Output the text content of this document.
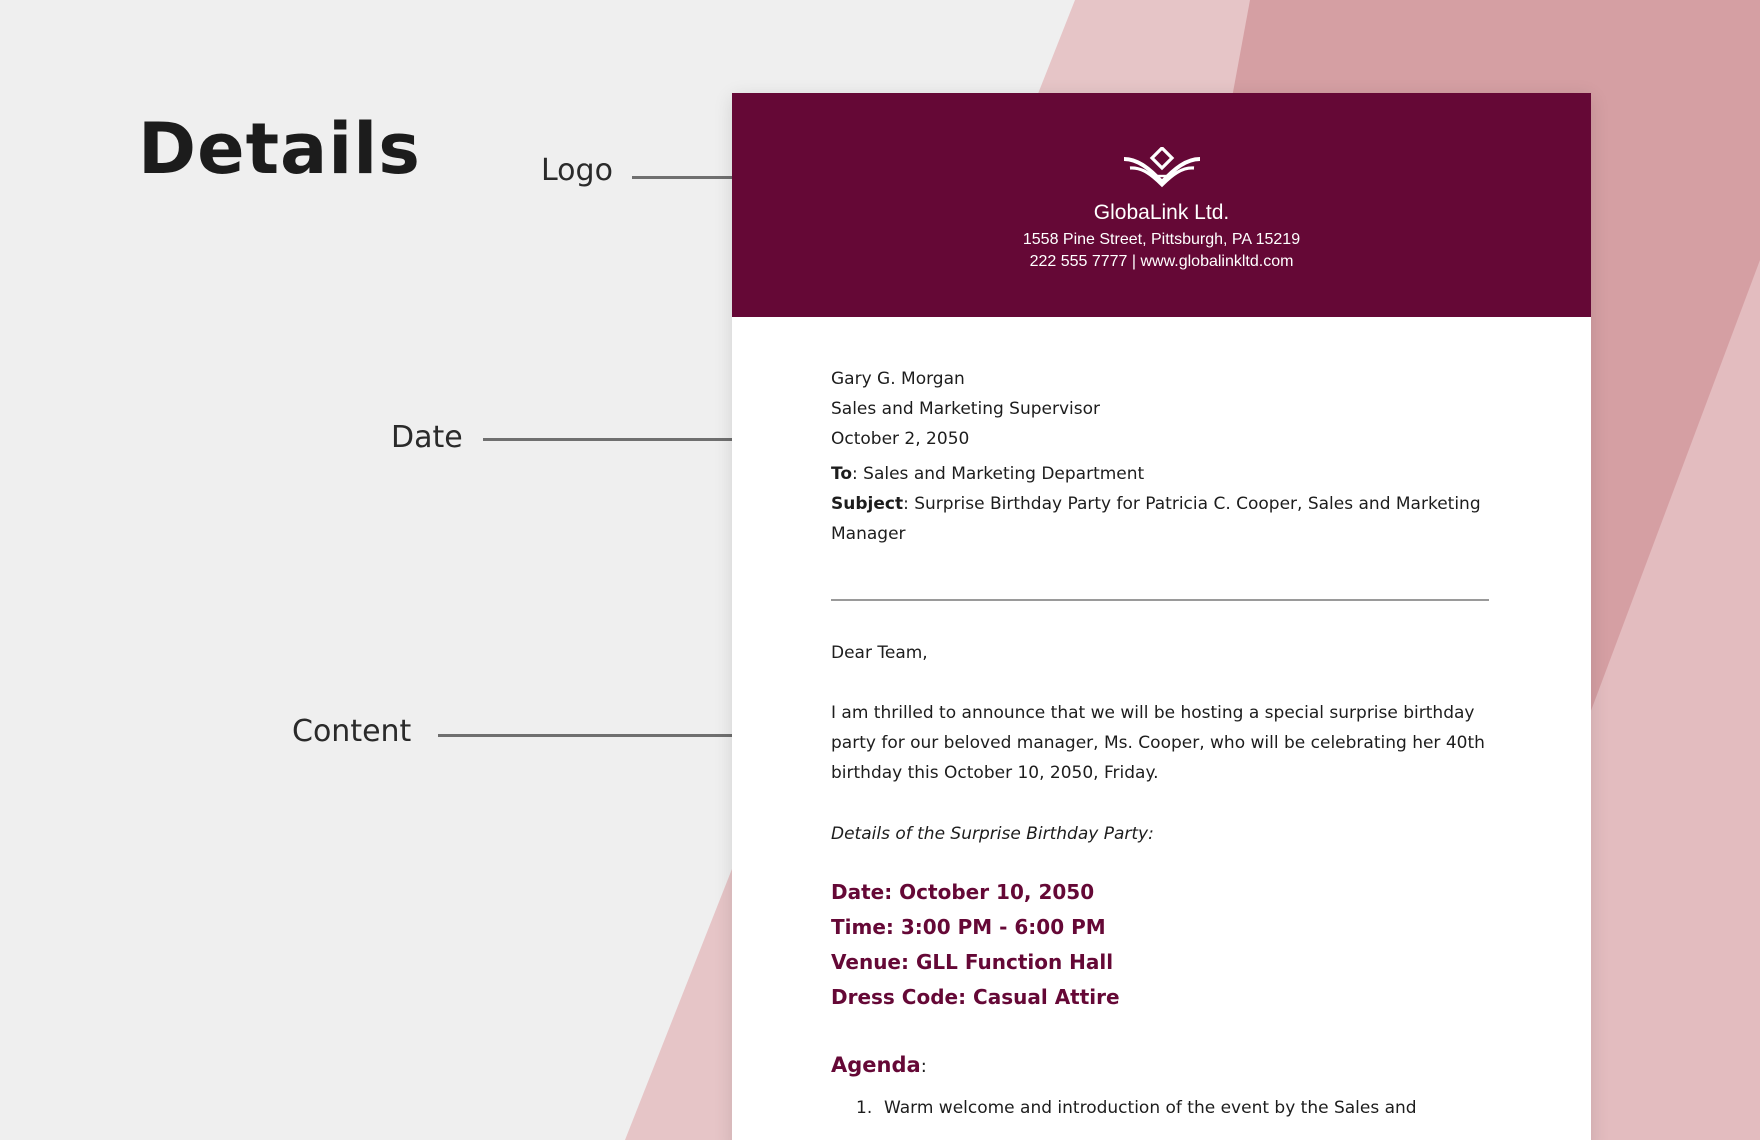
Details	Logo
Date
Content
GlobaLink Ltd.
1558 Pine Street, Pittsburgh, PA 15219
222 555 7777 | www.globalinkltd.com
Gary G. Morgan
Sales and Marketing Supervisor
October 2, 2050
To: Sales and Marketing Department
Subject: Surprise Birthday Party for Patricia C. Cooper, Sales and Marketing Manager
Dear Team,
I am thrilled to announce that we will be hosting a special surprise birthday party for our beloved manager, Ms. Cooper, who will be celebrating her 40th birthday this October 10, 2050, Friday.
Details of the Surprise Birthday Party:
Date: October 10, 2050
Time: 3:00 PM - 6:00 PM
Venue: GLL Function Hall
Dress Code: Casual Attire
Agenda:
1. Warm welcome and introduction of the event by the Sales and
